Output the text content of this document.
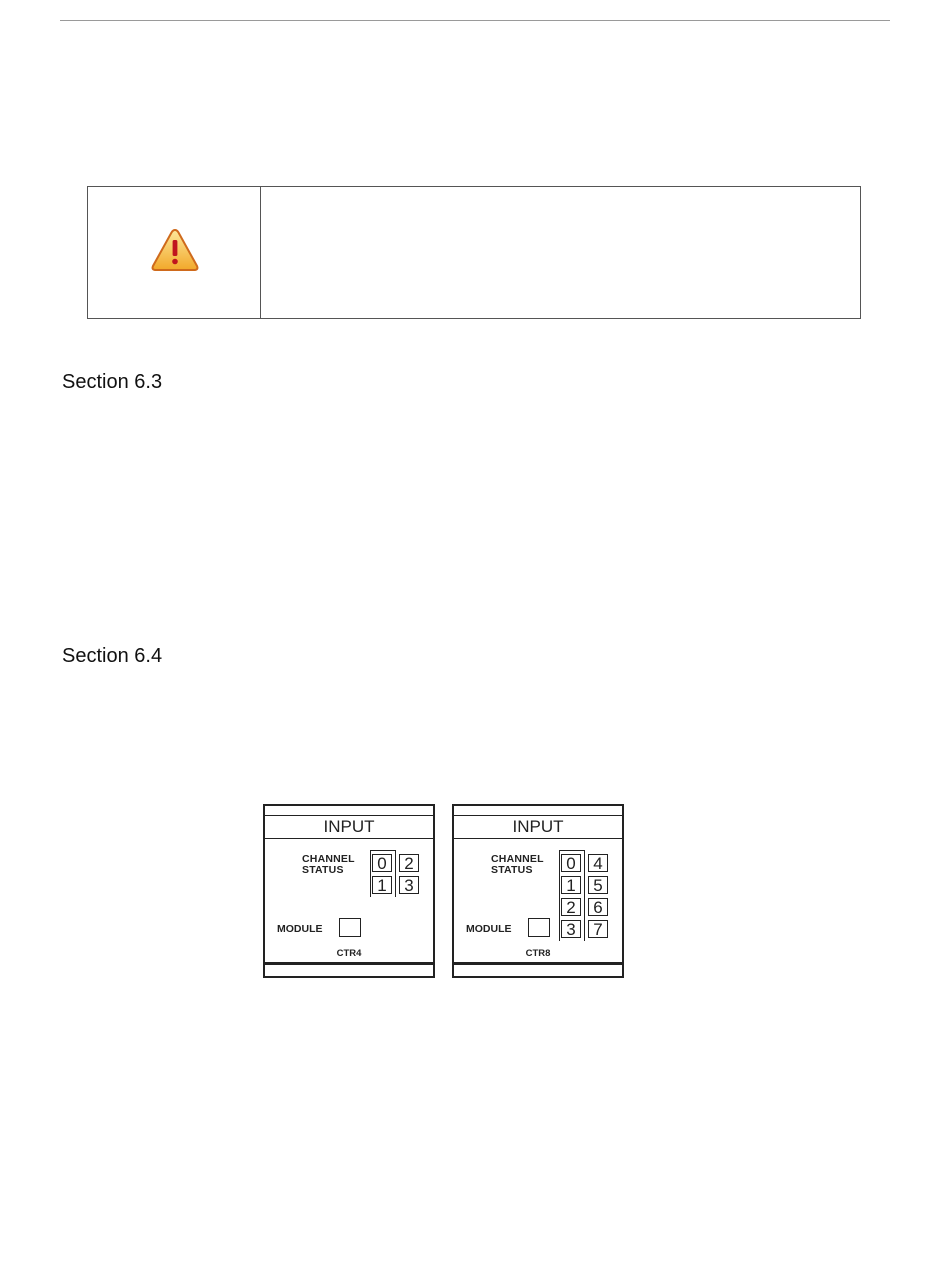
Section 6.3
Section 6.4
INPUT
CHANNEL
STATUS	0
1
2
3
MODULE
CTR4
INPUT
CHANNEL
STATUS	0
1
2
3
4
5
6
7
MODULE
CTR8
